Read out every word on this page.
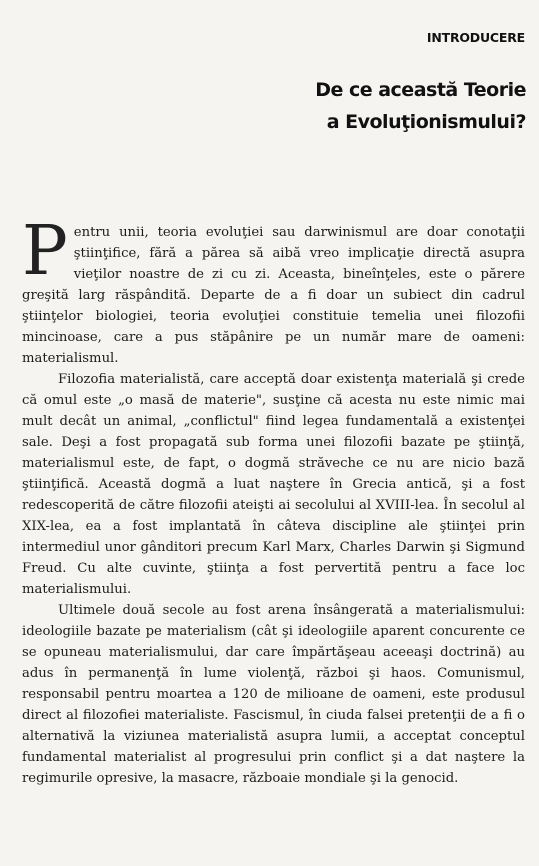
INTRODUCERE
De ce această Teorie
a Evoluţionismului?

Pentru unii, teoria evoluţiei sau darwinismul are doar conotaţii ştiinţifice, fără a părea să aibă vreo implicaţie directă asupra vieţilor noastre de zi cu zi. Aceasta, bineînţeles, este o părere greşită larg răspândită. Departe de a fi doar un subiect din cadrul ştiinţelor biologiei, teoria evoluţiei constituie temelia unei filozofii mincinoase, care a pus stăpânire pe un număr mare de oameni: materialismul.

Filozofia materialistă, care acceptă doar existenţa materială şi crede că omul este „o masă de materie", susţine că acesta nu este nimic mai mult decât un animal, „conflictul" fiind legea fundamentală a existenţei sale. Deşi a fost propagată sub forma unei filozofii bazate pe ştiinţă, materialismul este, de fapt, o dogmă străveche ce nu are nicio bază ştiinţifică. Această dogmă a luat naştere în Grecia antică, şi a fost redescoperită de către filozofii ateişti ai secolului al XVIII-lea. În secolul al XIX-lea, ea a fost implantată în câteva discipline ale ştiinţei prin intermediul unor gânditori precum Karl Marx, Charles Darwin şi Sigmund Freud. Cu alte cuvinte, ştiinţa a fost pervertită pentru a face loc materialismului.

Ultimele două secole au fost arena însângerată a materialismului: ideologiile bazate pe materialism (cât şi ideologiile aparent concurente ce se opuneau materialismului, dar care împărtăşeau aceeaşi doctrină) au adus în permanenţă în lume violenţă, război şi haos. Comunismul, responsabil pentru moartea a 120 de milioane de oameni, este produsul direct al filozofiei materialiste. Fascismul, în ciuda falsei pretenţii de a fi o alternativă la viziunea materialistă asupra lumii, a acceptat conceptul fundamental materialist al progresului prin conflict şi a dat naştere la regimurile opresive, la masacre, războaie mondiale şi la genocid.
